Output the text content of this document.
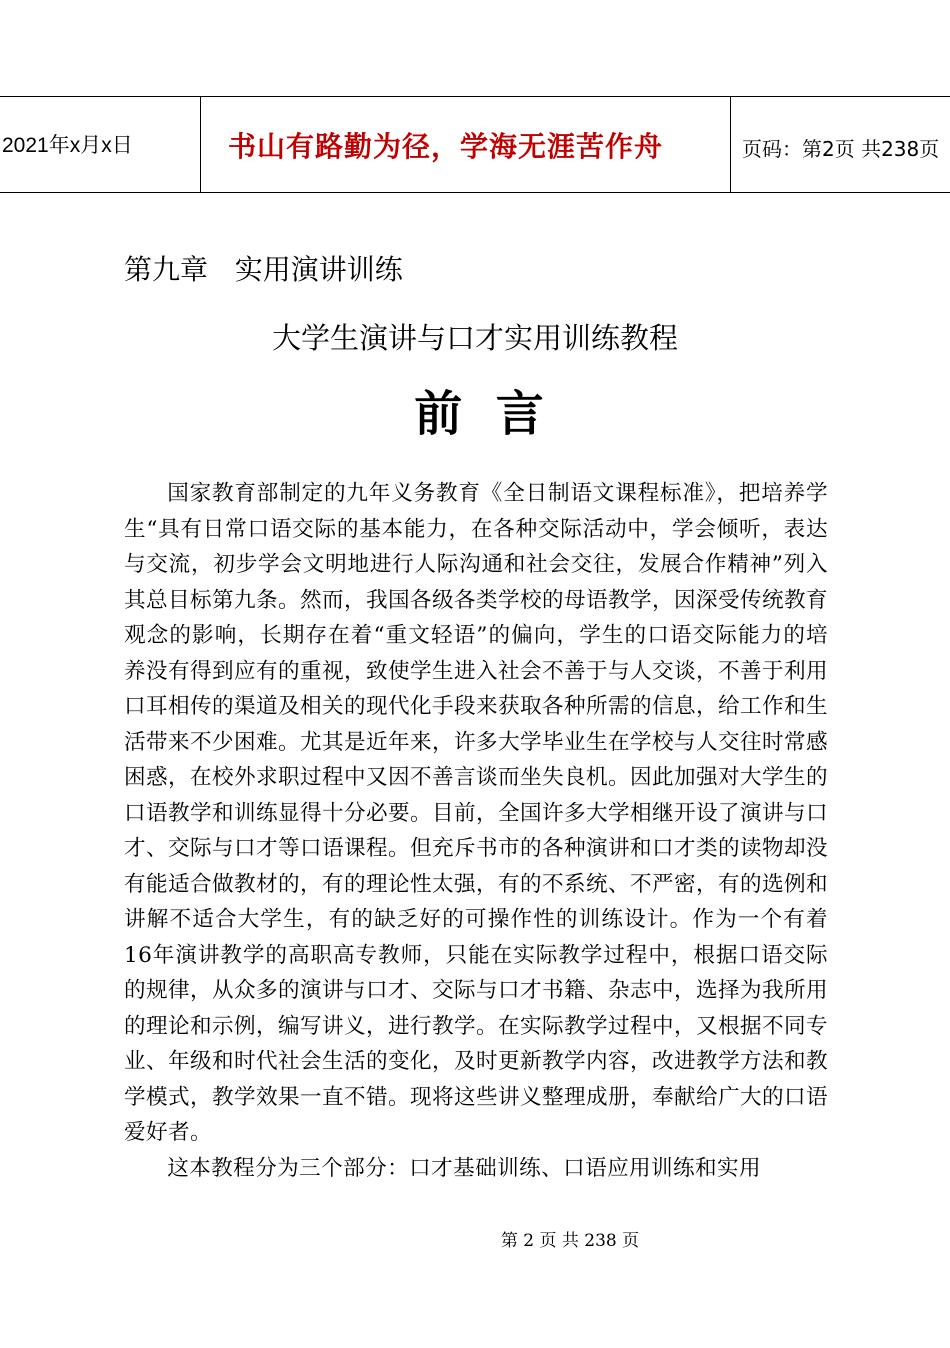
2021年x月x日	书山有路勤为径，学海无涯苦作舟	页码：第2页 共238页
第九章   实用演讲训练
大学生演讲与口才实用训练教程
前  言

国家教育部制定的九年义务教育《全日制语文课程标准》，把培养学生“具有日常口语交际的基本能力，在各种交际活动中，学会倾听，表达与交流，初步学会文明地进行人际沟通和社会交往，发展合作精神”列入其总目标第九条。然而，我国各级各类学校的母语教学，因深受传统教育观念的影响，长期存在着“重文轻语”的偏向，学生的口语交际能力的培养没有得到应有的重视，致使学生进入社会不善于与人交谈，不善于利用口耳相传的渠道及相关的现代化手段来获取各种所需的信息，给工作和生活带来不少困难。尤其是近年来，许多大学毕业生在学校与人交往时常感困惑，在校外求职过程中又因不善言谈而坐失良机。因此加强对大学生的口语教学和训练显得十分必要。目前，全国许多大学相继开设了演讲与口才、交际与口才等口语课程。但充斥书市的各种演讲和口才类的读物却没有能适合做教材的，有的理论性太强，有的不系统、不严密，有的选例和讲解不适合大学生，有的缺乏好的可操作性的训练设计。作为一个有着16年演讲教学的高职高专教师，只能在实际教学过程中，根据口语交际的规律，从众多的演讲与口才、交际与口才书籍、杂志中，选择为我所用的理论和示例，编写讲义，进行教学。在实际教学过程中，又根据不同专业、年级和时代社会生活的变化，及时更新教学内容，改进教学方法和教学模式，教学效果一直不错。现将这些讲义整理成册，奉献给广大的口语爱好者。

这本教程分为三个部分：口才基础训练、口语应用训练和实用

第 2 页 共 238 页
